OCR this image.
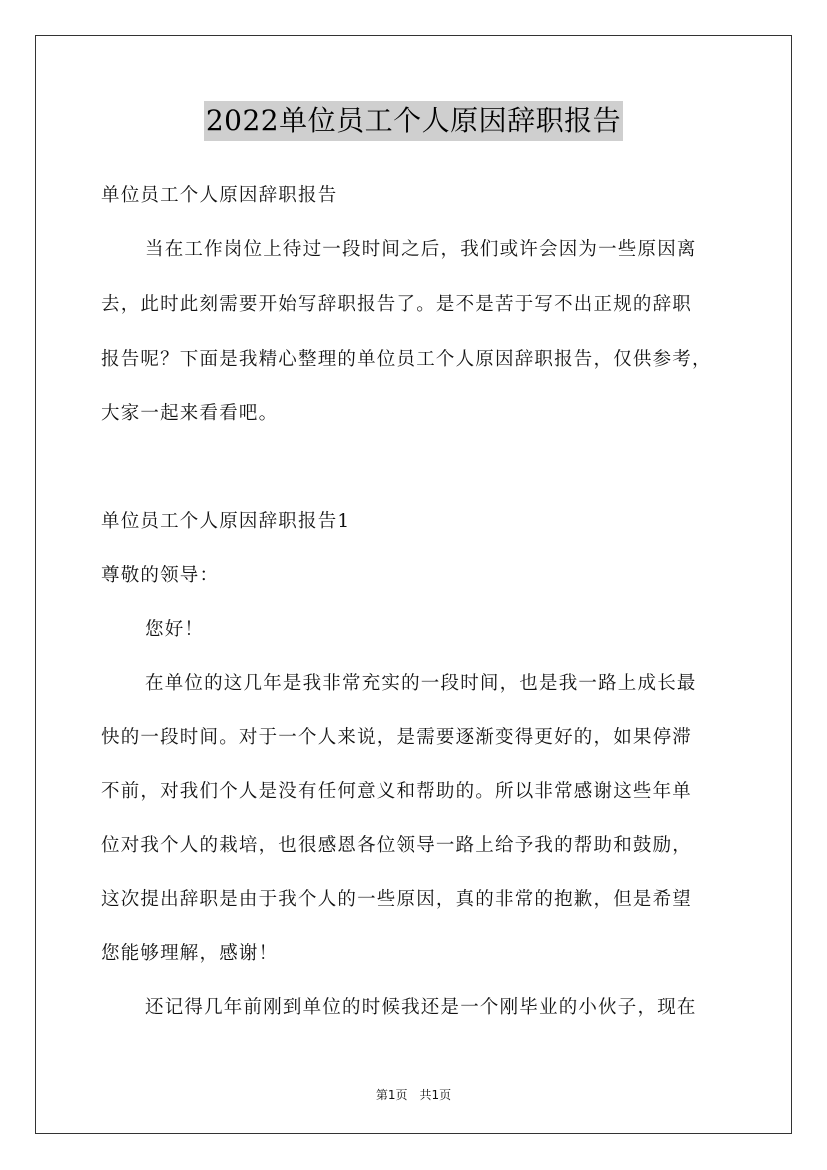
2022单位员工个人原因辞职报告
单位员工个人原因辞职报告
当在工作岗位上待过一段时间之后，我们或许会因为一些原因离
去，此时此刻需要开始写辞职报告了。是不是苦于写不出正规的辞职
报告呢？下面是我精心整理的单位员工个人原因辞职报告，仅供参考，
大家一起来看看吧。
单位员工个人原因辞职报告1
尊敬的领导：
您好！
在单位的这几年是我非常充实的一段时间，也是我一路上成长最
快的一段时间。对于一个人来说，是需要逐渐变得更好的，如果停滞
不前，对我们个人是没有任何意义和帮助的。所以非常感谢这些年单
位对我个人的栽培，也很感恩各位领导一路上给予我的帮助和鼓励，
这次提出辞职是由于我个人的一些原因，真的非常的抱歉，但是希望
您能够理解，感谢！
还记得几年前刚到单位的时候我还是一个刚毕业的小伙子，现在
第1页　共1页
